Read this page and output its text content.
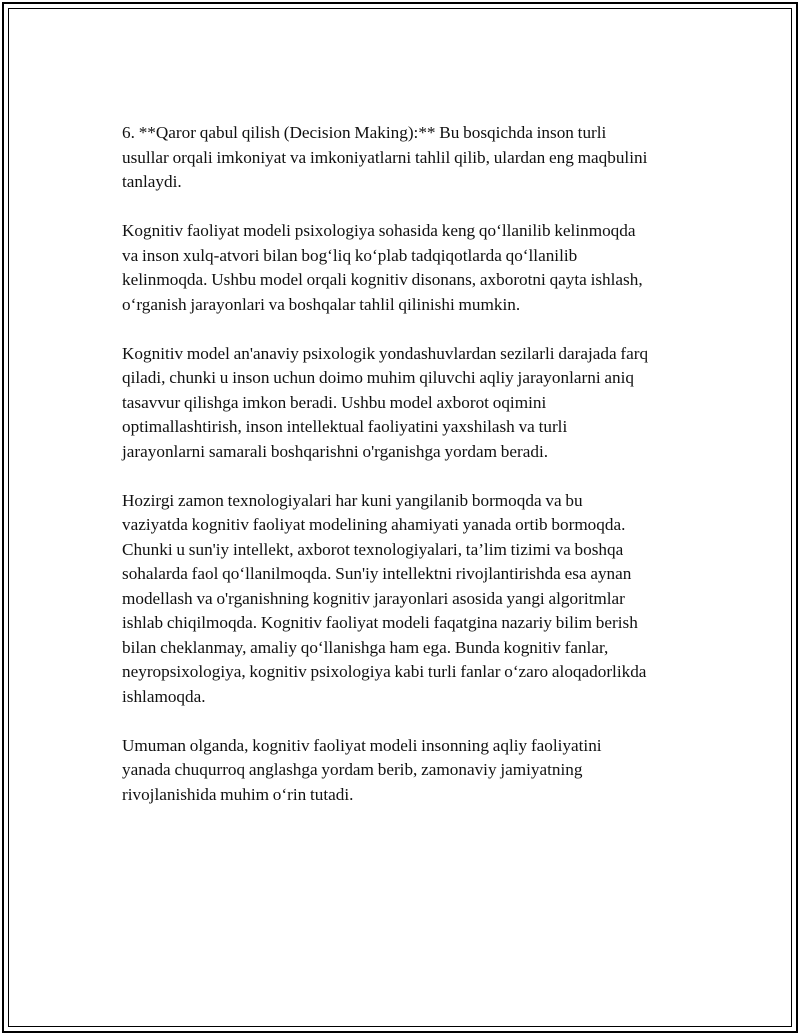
6. **Qaror qabul qilish (Decision Making):** Bu bosqichda inson turli
usullar orqali imkoniyat va imkoniyatlarni tahlil qilib, ulardan eng maqbulini
tanlaydi.

Kognitiv faoliyat modeli psixologiya sohasida keng qo‘llanilib kelinmoqda
va inson xulq-atvori bilan bog‘liq ko‘plab tadqiqotlarda qo‘llanilib
kelinmoqda. Ushbu model orqali kognitiv disonans, axborotni qayta ishlash,
o‘rganish jarayonlari va boshqalar tahlil qilinishi mumkin.

Kognitiv model an'anaviy psixologik yondashuvlardan sezilarli darajada farq
qiladi, chunki u inson uchun doimo muhim qiluvchi aqliy jarayonlarni aniq
tasavvur qilishga imkon beradi. Ushbu model axborot oqimini
optimallashtirish, inson intellektual faoliyatini yaxshilash va turli
jarayonlarni samarali boshqarishni o'rganishga yordam beradi.

Hozirgi zamon texnologiyalari har kuni yangilanib bormoqda va bu
vaziyatda kognitiv faoliyat modelining ahamiyati yanada ortib bormoqda.
Chunki u sun'iy intellekt, axborot texnologiyalari, ta’lim tizimi va boshqa
sohalarda faol qo‘llanilmoqda. Sun'iy intellektni rivojlantirishda esa aynan
modellash va o'rganishning kognitiv jarayonlari asosida yangi algoritmlar
ishlab chiqilmoqda. Kognitiv faoliyat modeli faqatgina nazariy bilim berish
bilan cheklanmay, amaliy qo‘llanishga ham ega. Bunda kognitiv fanlar,
neyropsixologiya, kognitiv psixologiya kabi turli fanlar o‘zaro aloqadorlikda
ishlamoqda.

Umuman olganda, kognitiv faoliyat modeli insonning aqliy faoliyatini
yanada chuqurroq anglashga yordam berib, zamonaviy jamiyatning
rivojlanishida muhim o‘rin tutadi.
